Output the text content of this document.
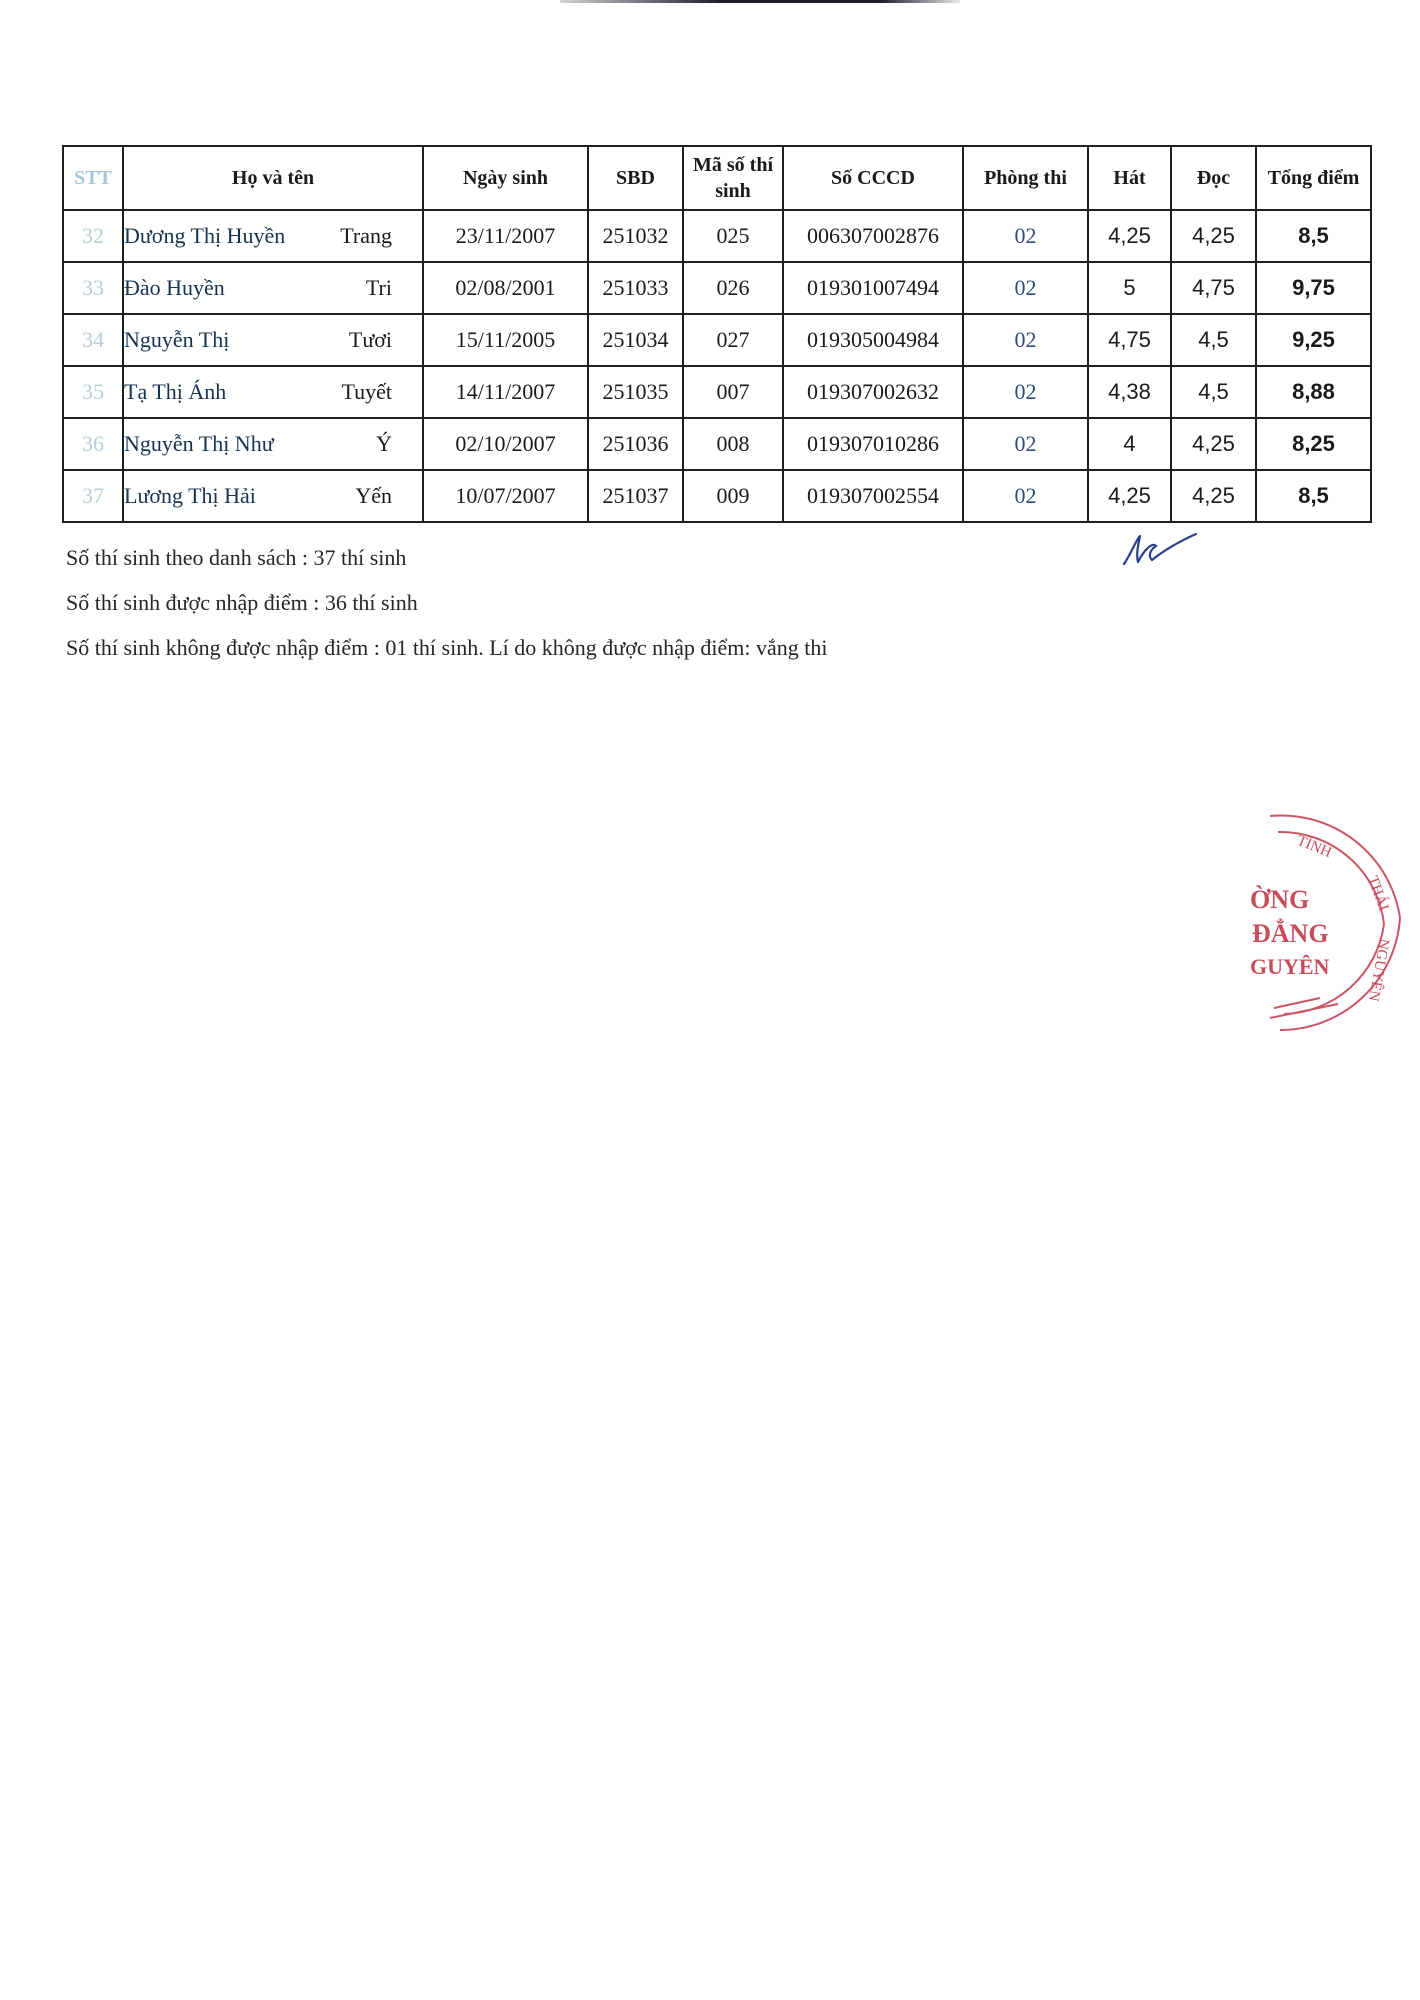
STT	Họ và tên	Ngày sinh	SBD	Mã số thí
sinh	Số CCCD	Phòng thi	Hát	Đọc	Tổng điểm
32	Dương Thị Huyền Trang	23/11/2007	251032	025	006307002876	02	4,25	4,25	8,5
33	Đào Huyền Tri	02/08/2001	251033	026	019301007494	02	5	4,75	9,75
34	Nguyễn Thị Tươi	15/11/2005	251034	027	019305004984	02	4,75	4,5	9,25
35	Tạ Thị Ánh Tuyết	14/11/2007	251035	007	019307002632	02	4,38	4,5	8,88
36	Nguyễn Thị Như Ý	02/10/2007	251036	008	019307010286	02	4	4,25	8,25
37	Lương Thị Hải Yến	10/07/2007	251037	009	019307002554	02	4,25	4,25	8,5
Số thí sinh theo danh sách : 37 thí sinh
Số thí sinh được nhập điểm : 36 thí sinh
Số thí sinh không được nhập điểm : 01 thí sinh. Lí do không được nhập điểm: vắng thi
TỈNH
THÁI
NGUYÊN
ỜNG
ĐẲNG
GUYÊN
